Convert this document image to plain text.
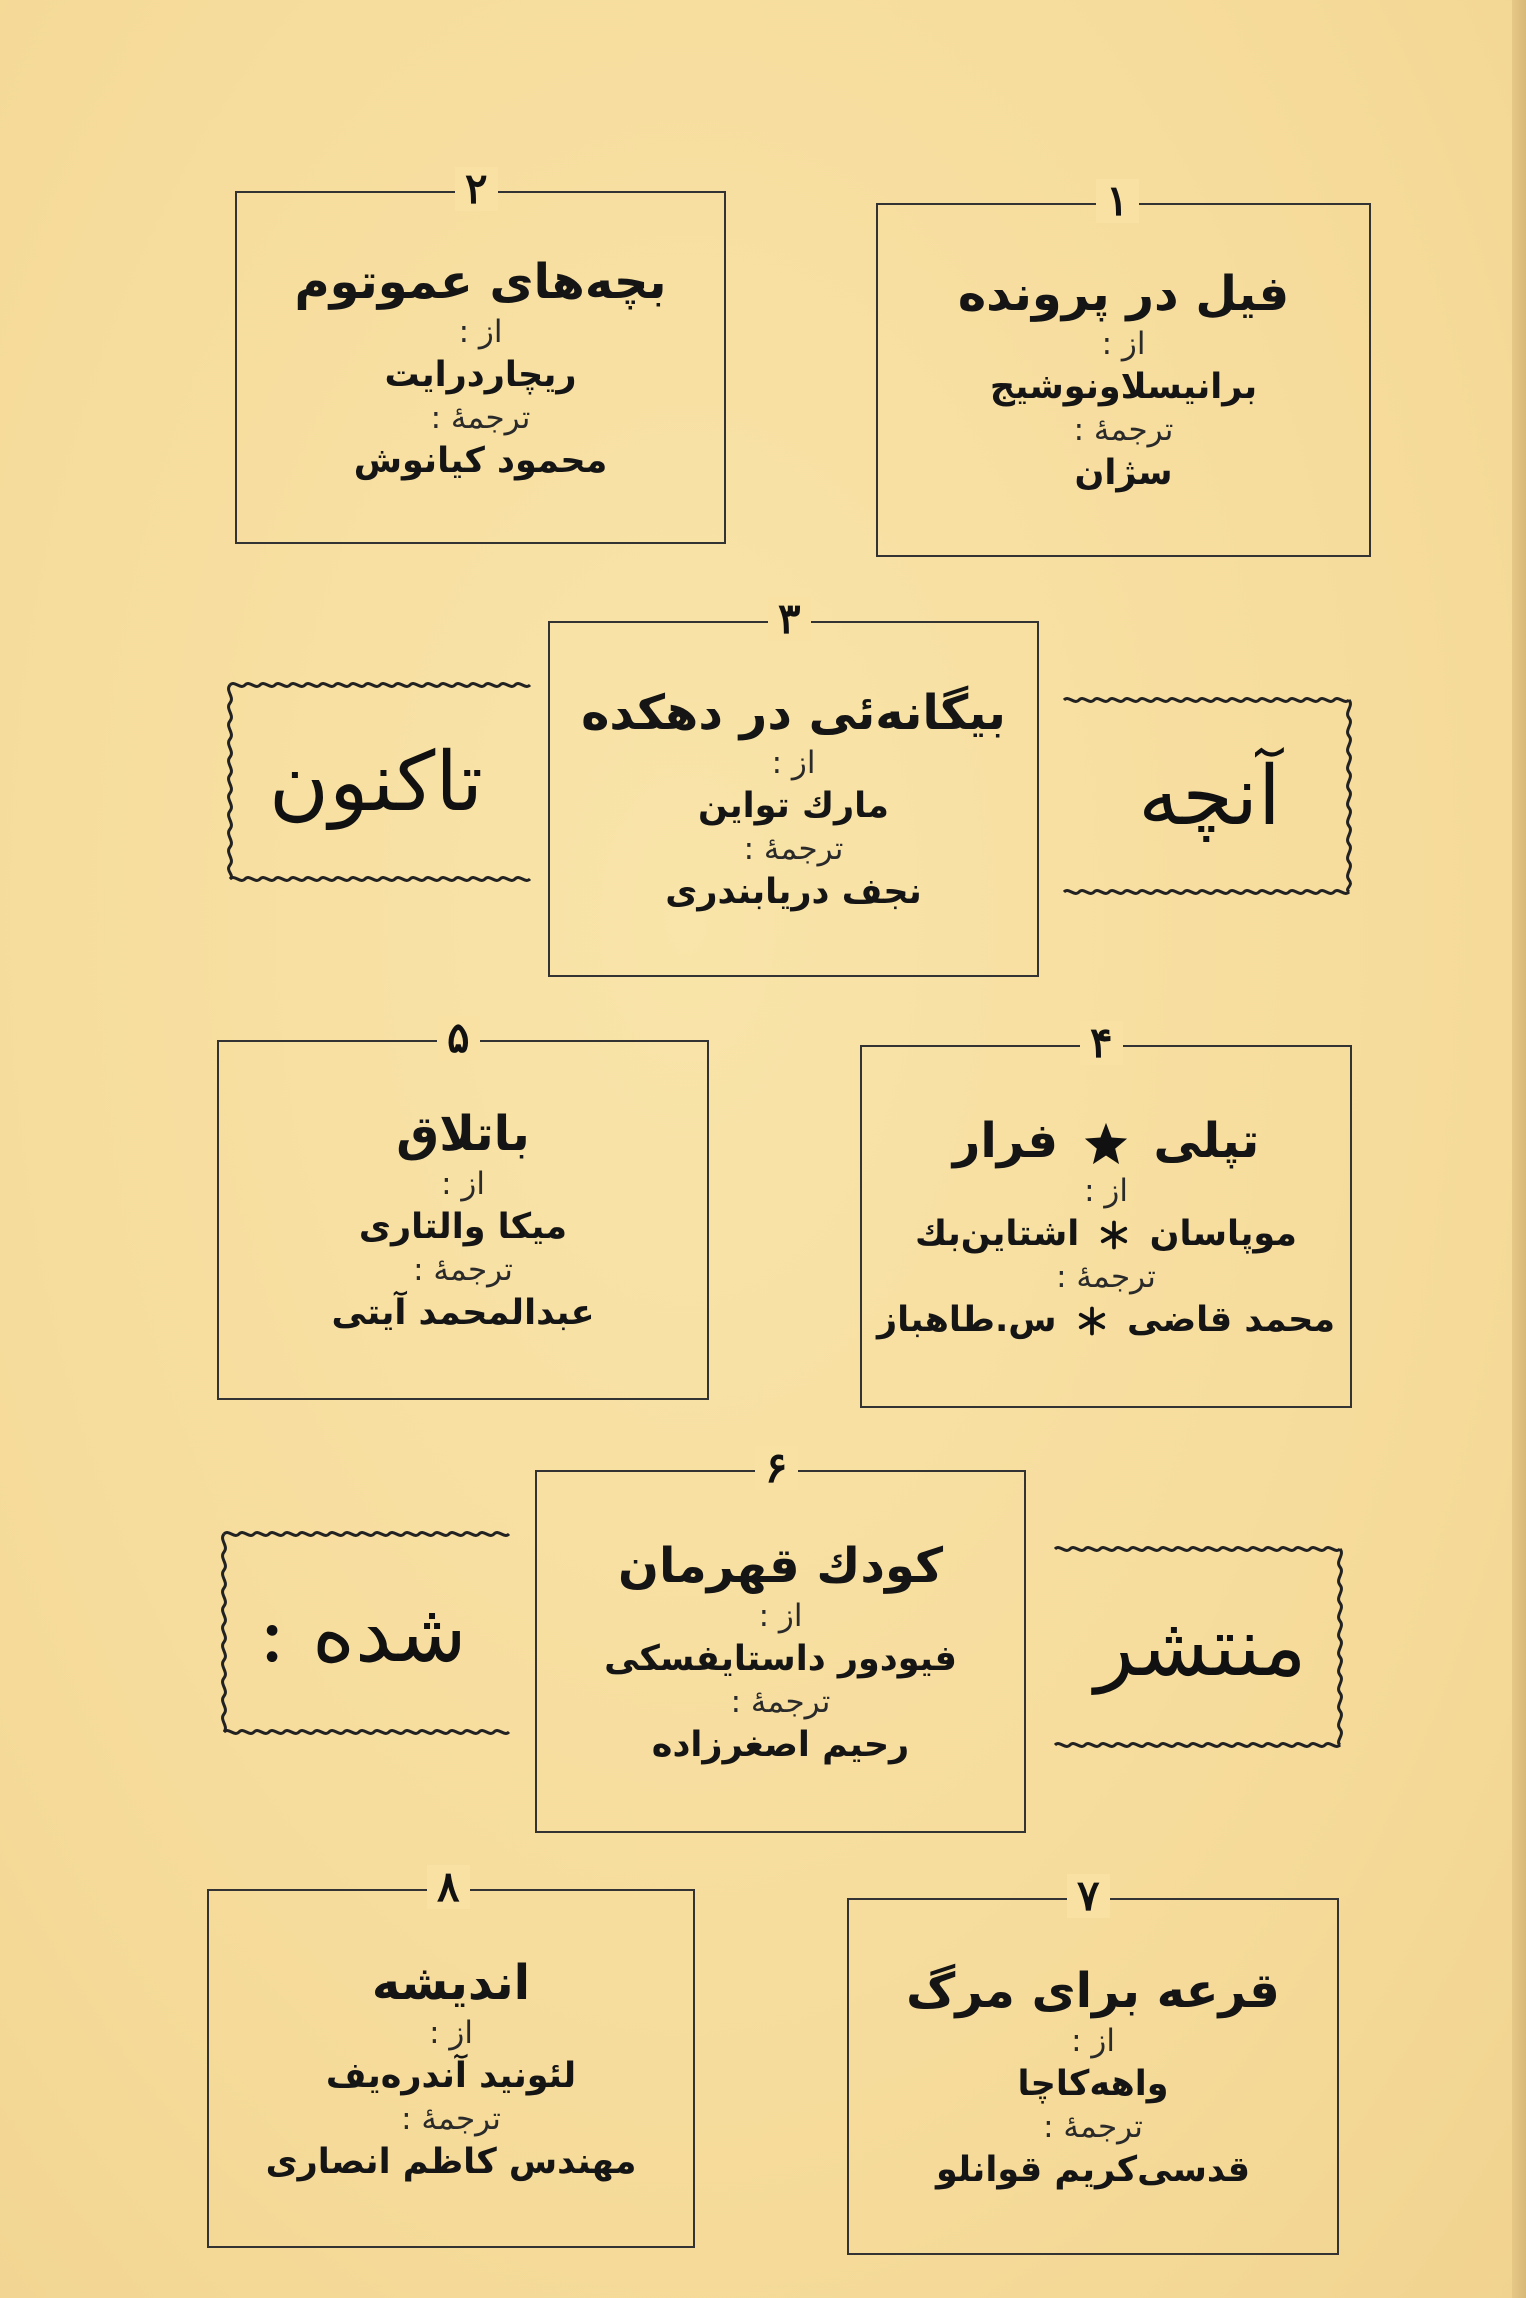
۱
فیل در پرونده
از :
برانیسلاونوشیج
ترجمهٔ :
سژان
۲
بچه‌های عموتوم
از :
ریچاردرایت
ترجمهٔ :
محمود کیانوش
آنچه
تاکنون
۳
بیگانه‌ئی در دهکده
از :
مارك تواین
ترجمهٔ :
نجف دریابندری
۴
تپلی  فرار
از :
موپاسان  اشتاین‌بك
ترجمهٔ :
محمد قاضی  س.طاهباز
۵
باتلاق
از :
میکا والتاری
ترجمهٔ :
عبدالمحمد آیتی
منتشر
شده :
۶
کودك قهرمان
از :
فیودور داستایفسکی
ترجمهٔ :
رحیم اصغرزاده
۷
قرعه برای مرگ
از :
واهه‌کاچا
ترجمهٔ :
قدسی‌کریم قوانلو
۸
اندیشه
از :
لئونید آندره‌یف
ترجمهٔ :
مهندس کاظم انصاری
